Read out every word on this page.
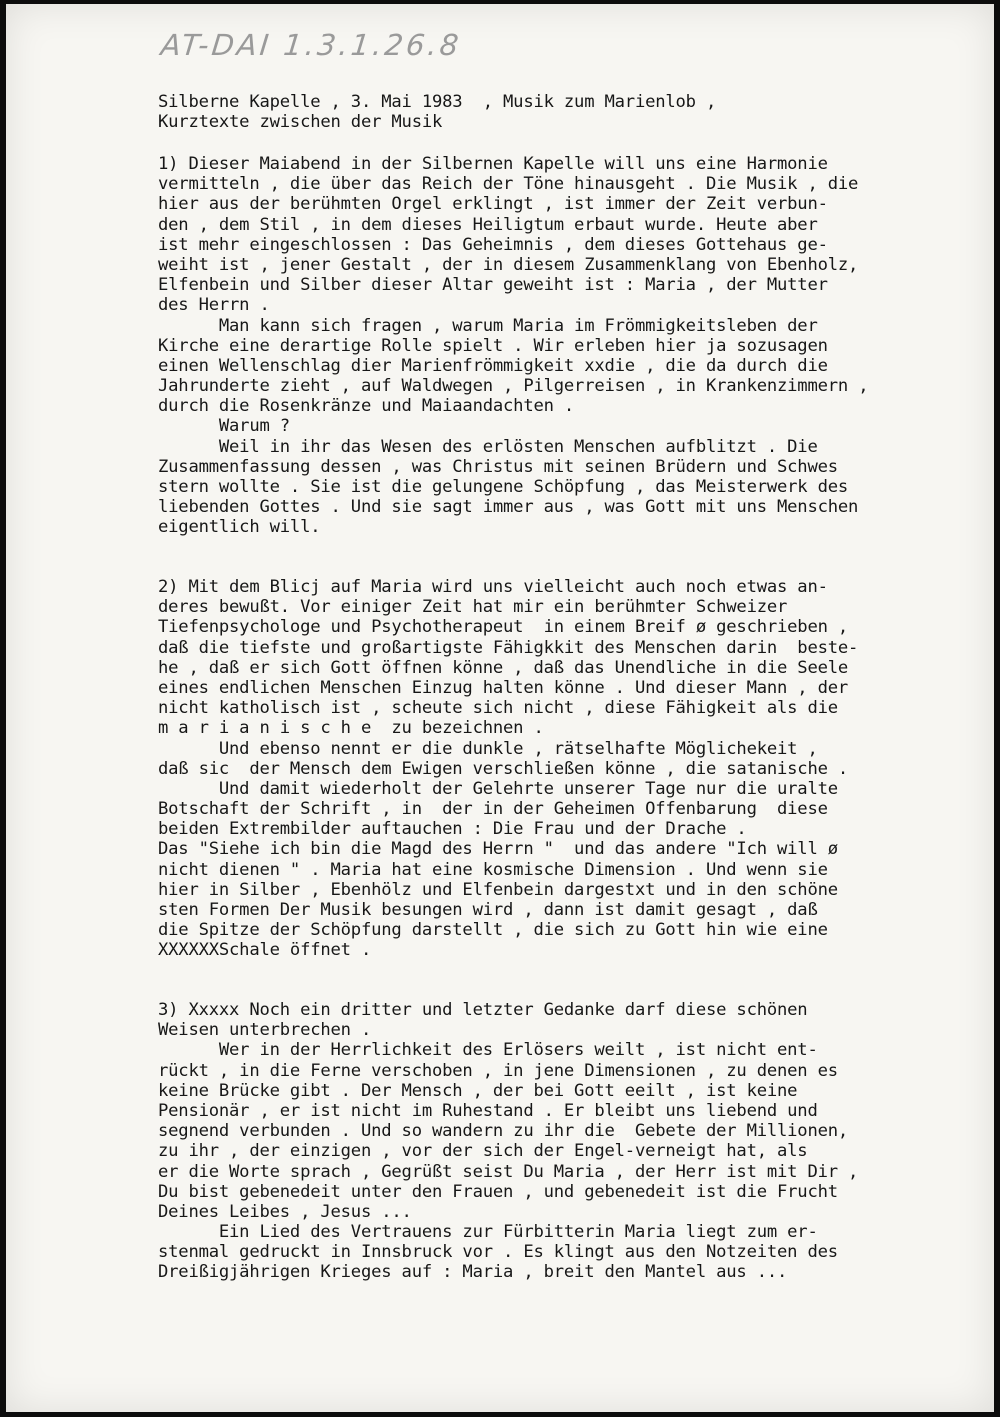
AT-DAI 1.3.1.26.8
Silberne Kapelle , 3. Mai 1983  , Musik zum Marienlob ,
Kurztexte zwischen der Musik
1) Dieser Maiabend in der Silbernen Kapelle will uns eine Harmonie
vermitteln , die über das Reich der Töne hinausgeht . Die Musik , die
hier aus der berühmten Orgel erklingt , ist immer der Zeit verbun-
den , dem Stil , in dem dieses Heiligtum erbaut wurde. Heute aber
ist mehr eingeschlossen : Das Geheimnis , dem dieses Gottehaus ge-
weiht ist , jener Gestalt , der in diesem Zusammenklang von Ebenholz,
Elfenbein und Silber dieser Altar geweiht ist : Maria , der Mutter
des Herrn .
Man kann sich fragen , warum Maria im Frömmigkeitsleben der
Kirche eine derartige Rolle spielt . Wir erleben hier ja sozusagen
einen Wellenschlag dier Marienfrömmigkeit xxdie , die da durch die
Jahrunderte zieht , auf Waldwegen , Pilgerreisen , in Krankenzimmern ,
durch die Rosenkränze und Maiaandachten .
Warum ?
Weil in ihr das Wesen des erlösten Menschen aufblitzt . Die
Zusammenfassung dessen , was Christus mit seinen Brüdern und Schwes
stern wollte . Sie ist die gelungene Schöpfung , das Meisterwerk des
liebenden Gottes . Und sie sagt immer aus , was Gott mit uns Menschen
eigentlich will.
2) Mit dem Blicj auf Maria wird uns vielleicht auch noch etwas an-
deres bewußt. Vor einiger Zeit hat mir ein berühmter Schweizer
Tiefenpsychologe und Psychotherapeut  in einem Breif ø geschrieben ,
daß die tiefste und großartigste Fähigkkit des Menschen darin  beste-
he , daß er sich Gott öffnen könne , daß das Unendliche in die Seele
eines endlichen Menschen Einzug halten könne . Und dieser Mann , der
nicht katholisch ist , scheute sich nicht , diese Fähigkeit als die
m a r i a n i s c h e  zu bezeichnen .
Und ebenso nennt er die dunkle , rätselhafte Möglichekeit ,
daß sic  der Mensch dem Ewigen verschließen könne , die satanische .
Und damit wiederholt der Gelehrte unserer Tage nur die uralte
Botschaft der Schrift , in  der in der Geheimen Offenbarung  diese
beiden Extrembilder auftauchen : Die Frau und der Drache .
Das "Siehe ich bin die Magd des Herrn "  und das andere "Ich will ø
nicht dienen " . Maria hat eine kosmische Dimension . Und wenn sie
hier in Silber , Ebenhölz und Elfenbein dargestxt und in den schöne
sten Formen Der Musik besungen wird , dann ist damit gesagt , daß
die Spitze der Schöpfung darstellt , die sich zu Gott hin wie eine
XXXXXXSchale öffnet .
3) Xxxxx Noch ein dritter und letzter Gedanke darf diese schönen
Weisen unterbrechen .
Wer in der Herrlichkeit des Erlösers weilt , ist nicht ent-
rückt , in die Ferne verschoben , in jene Dimensionen , zu denen es
keine Brücke gibt . Der Mensch , der bei Gott eeilt , ist keine
Pensionär , er ist nicht im Ruhestand . Er bleibt uns liebend und
segnend verbunden . Und so wandern zu ihr die  Gebete der Millionen,
zu ihr , der einzigen , vor der sich der Engel-verneigt hat, als
er die Worte sprach , Gegrüßt seist Du Maria , der Herr ist mit Dir ,
Du bist gebenedeit unter den Frauen , und gebenedeit ist die Frucht
Deines Leibes , Jesus ...
Ein Lied des Vertrauens zur Fürbitterin Maria liegt zum er-
stenmal gedruckt in Innsbruck vor . Es klingt aus den Notzeiten des
Dreißigjährigen Krieges auf : Maria , breit den Mantel aus ...
